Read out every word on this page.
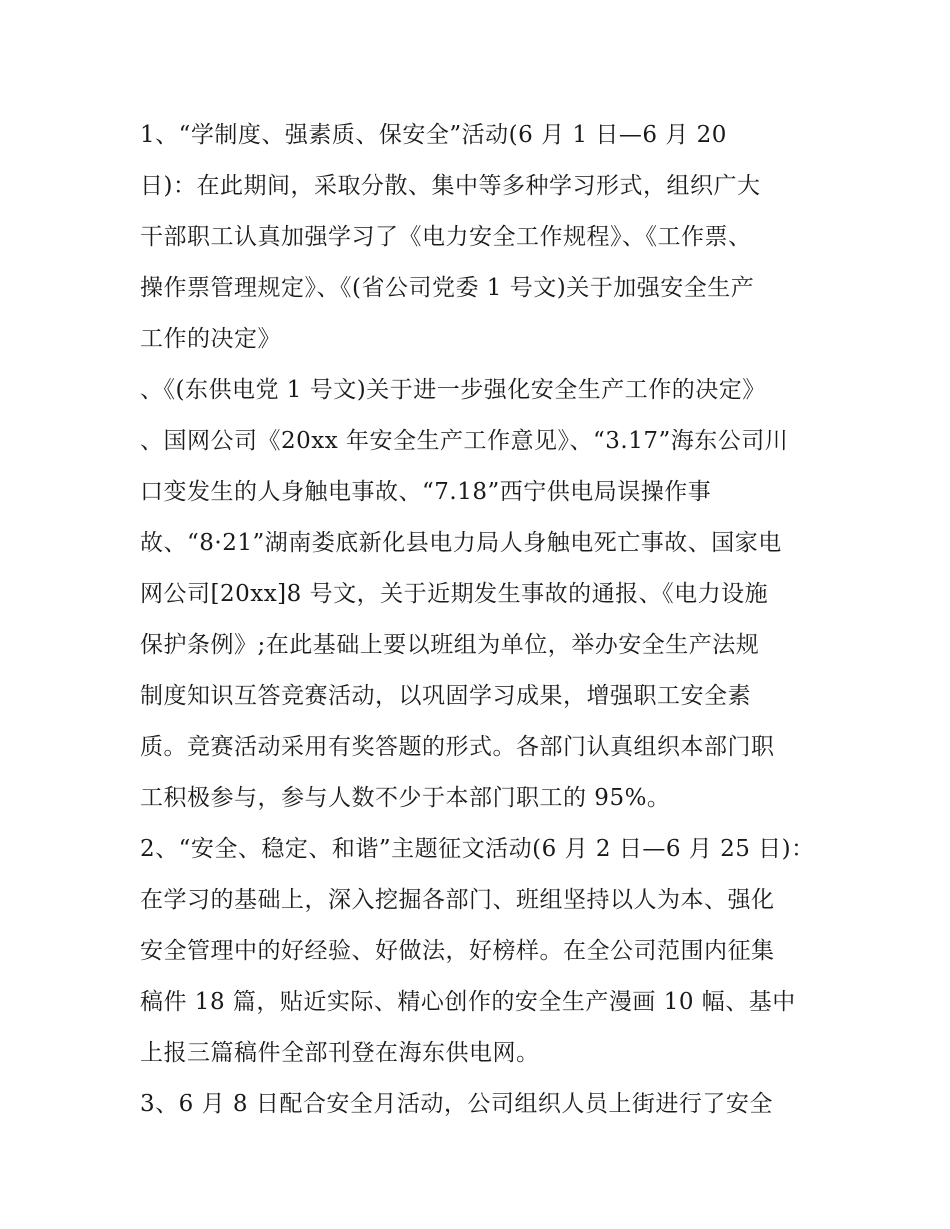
1、“学制度、强素质、保安全”活动(6 月 1 日—6 月 20
日)：在此期间，采取分散、集中等多种学习形式，组织广大
干部职工认真加强学习了《电力安全工作规程》、《工作票、
操作票管理规定》、《(省公司党委 1 号文)关于加强安全生产
工作的决定》
、《(东供电党 1 号文)关于进一步强化安全生产工作的决定》
、国网公司《20xx 年安全生产工作意见》、“3.17”海东公司川
口变发生的人身触电事故、“7.18”西宁供电局误操作事
故、“8·21”湖南娄底新化县电力局人身触电死亡事故、国家电
网公司[20xx]8 号文，关于近期发生事故的通报、《电力设施
保护条例》;在此基础上要以班组为单位，举办安全生产法规
制度知识互答竞赛活动，以巩固学习成果，增强职工安全素
质。竞赛活动采用有奖答题的形式。各部门认真组织本部门职
工积极参与，参与人数不少于本部门职工的 95%。
2、“安全、稳定、和谐”主题征文活动(6 月 2 日—6 月 25 日)：
在学习的基础上，深入挖掘各部门、班组坚持以人为本、强化
安全管理中的好经验、好做法，好榜样。在全公司范围内征集
稿件 18 篇，贴近实际、精心创作的安全生产漫画 10 幅、基中
上报三篇稿件全部刊登在海东供电网。
3、6 月 8 日配合安全月活动，公司组织人员上街进行了安全
